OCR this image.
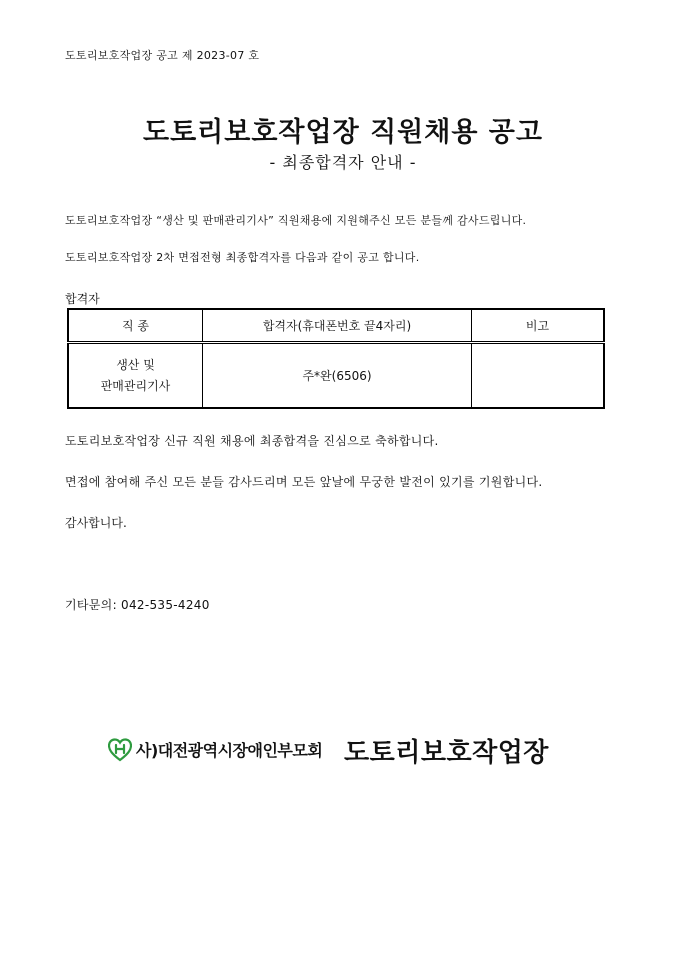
도토리보호작업장 공고 제 2023-07 호
도토리보호작업장 직원채용 공고
- 최종합격자 안내 -
도토리보호작업장 “생산 및 판매관리기사” 직원채용에 지원해주신 모든 분들께 감사드립니다.
도토리보호작업장 2차 면접전형 최종합격자를 다음과 같이 공고 합니다.
합격자
직 종	합격자(휴대폰번호 끝4자리)	비고

생산 및
판매관리기사	주*완(6506)	
도토리보호작업장 신규 직원 채용에 최종합격을 진심으로 축하합니다.
면접에 참여해 주신 모든 분들 감사드리며 모든 앞날에 무궁한 발전이 있기를 기원합니다.
감사합니다.
기타문의: 042-535-4240
사)대전광역시장애인부모회 도토리보호작업장
